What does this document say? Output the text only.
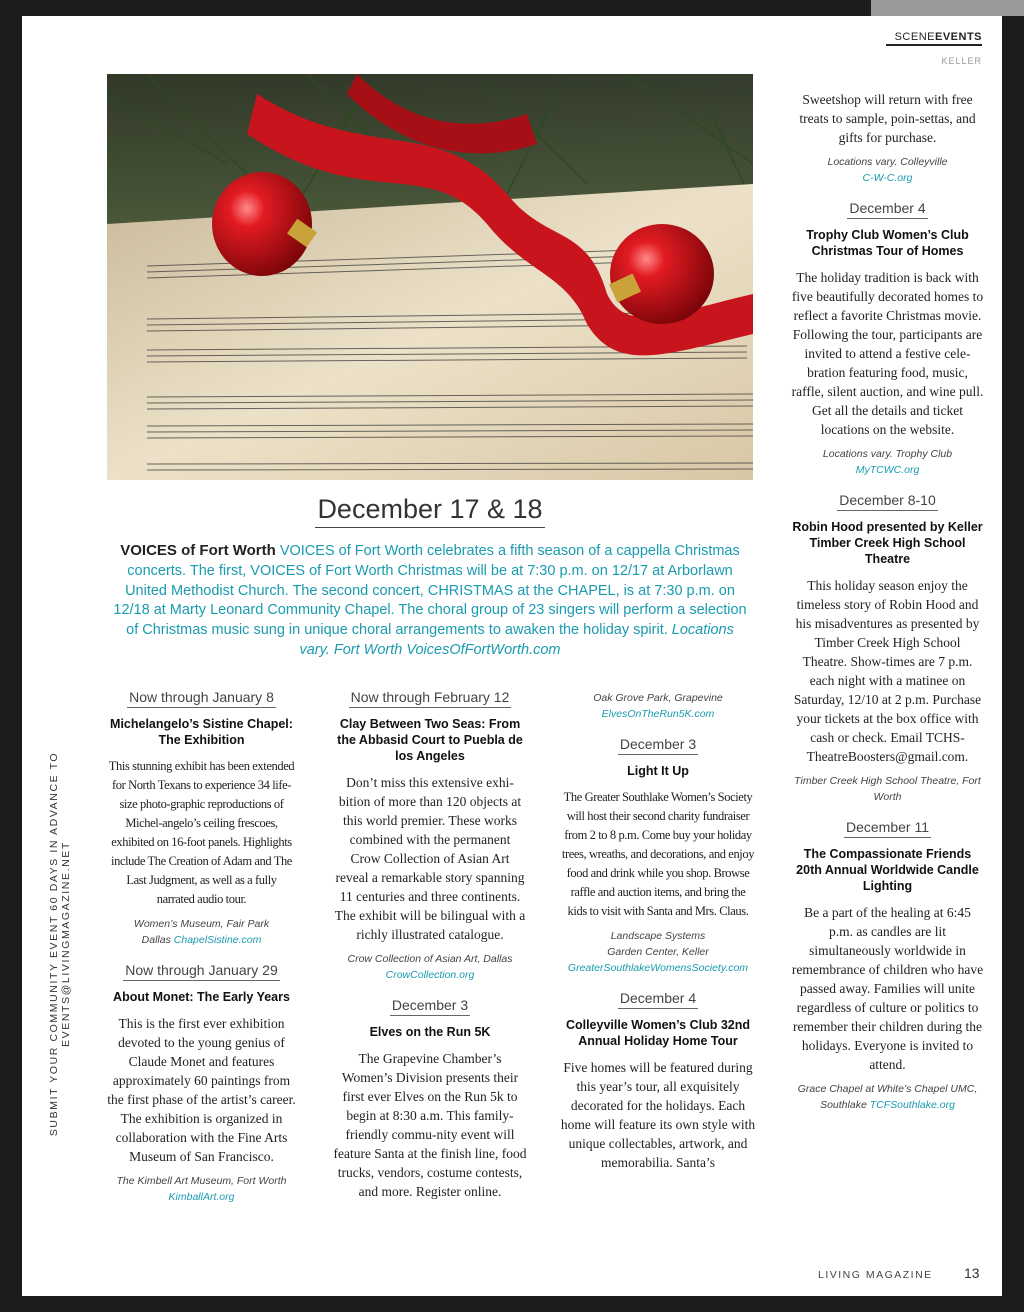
SCENEEVENTS
KELLER
SUBMIT YOUR COMMUNITY EVENT 60 DAYS IN ADVANCE TO EVENTS@LIVINGMAGAZINE.NET
December 17 & 18
VOICES of Fort Worth VOICES of Fort Worth celebrates a fifth season of a cappella Christmas concerts. The first, VOICES of Fort Worth Christmas will be at 7:30 p.m. on 12/17 at Arborlawn United Methodist Church. The second concert, CHRISTMAS at the CHAPEL, is at 7:30 p.m. on 12/18 at Marty Leonard Community Chapel. The choral group of 23 singers will perform a selection of Christmas music sung in unique choral arrangements to awaken the holiday spirit. Locations vary. Fort Worth VoicesOfFortWorth.com
Now through January 8
Michelangelo’s Sistine Chapel: The Exhibition
This stunning exhibit has been extended for North Texans to experience 34 life-size photo-graphic reproductions of Michel-angelo’s ceiling frescoes, exhibited on 16-foot panels. Highlights include The Creation of Adam and The Last Judgment, as well as a fully narrated audio tour.
Women’s Museum, Fair Park
Dallas ChapelSistine.com
Now through January 29
About Monet: The Early Years
This is the first ever exhibition devoted to the young genius of Claude Monet and features approximately 60 paintings from the first phase of the artist’s career. The exhibition is organized in collaboration with the Fine Arts Museum of San Francisco.
The Kimbell Art Museum, Fort Worth KimballArt.org
Now through February 12
Clay Between Two Seas: From the Abbasid Court to Puebla de los Angeles
Don’t miss this extensive exhi-bition of more than 120 objects at this world premier. These works combined with the permanent Crow Collection of Asian Art reveal a remarkable story spanning 11 centuries and three continents. The exhibit will be bilingual with a richly illustrated catalogue.
Crow Collection of Asian Art, Dallas
CrowCollection.org
December 3
Elves on the Run 5K
The Grapevine Chamber’s Women’s Division presents their first ever Elves on the Run 5k to begin at 8:30 a.m. This family-friendly commu-nity event will feature Santa at the finish line, food trucks, vendors, costume contests, and more. Register online.
Oak Grove Park, Grapevine
ElvesOnTheRun5K.com
December 3
Light It Up
The Greater Southlake Women’s Society will host their second charity fundraiser from 2 to 8 p.m. Come buy your holiday trees, wreaths, and decorations, and enjoy food and drink while you shop. Browse raffle and auction items, and bring the kids to visit with Santa and Mrs. Claus.
Landscape Systems
Garden Center, Keller
GreaterSouthlakeWomensSociety.com
December 4
Colleyville Women’s Club 32nd Annual Holiday Home Tour
Five homes will be featured during this year’s tour, all exquisitely decorated for the holidays. Each home will feature its own style with unique collectables, artwork, and memorabilia. Santa’s
Sweetshop will return with free treats to sample, poin-settas, and gifts for purchase.
Locations vary. Colleyville
C-W-C.org
December 4
Trophy Club Women’s Club Christmas Tour of Homes
The holiday tradition is back with five beautifully decorated homes to reflect a favorite Christmas movie. Following the tour, participants are invited to attend a festive cele-bration featuring food, music, raffle, silent auction, and wine pull. Get all the details and ticket locations on the website.
Locations vary. Trophy Club
MyTCWC.org
December 8-10
Robin Hood presented by Keller Timber Creek High School Theatre
This holiday season enjoy the timeless story of Robin Hood and his misadventures as presented by Timber Creek High School Theatre. Show-times are 7 p.m. each night with a matinee on Saturday, 12/10 at 2 p.m. Purchase your tickets at the box office with cash or check. Email TCHS-TheatreBoosters@gmail.com.
Timber Creek High School Theatre, Fort Worth
December 11
The Compassionate Friends 20th Annual Worldwide Candle Lighting
Be a part of the healing at 6:45 p.m. as candles are lit simultaneously worldwide in remembrance of children who have passed away. Families will unite regardless of culture or politics to remember their children during the holidays. Everyone is invited to attend.
Grace Chapel at White’s Chapel UMC, Southlake TCFSouthlake.org
LIVING MAGAZINE 13
